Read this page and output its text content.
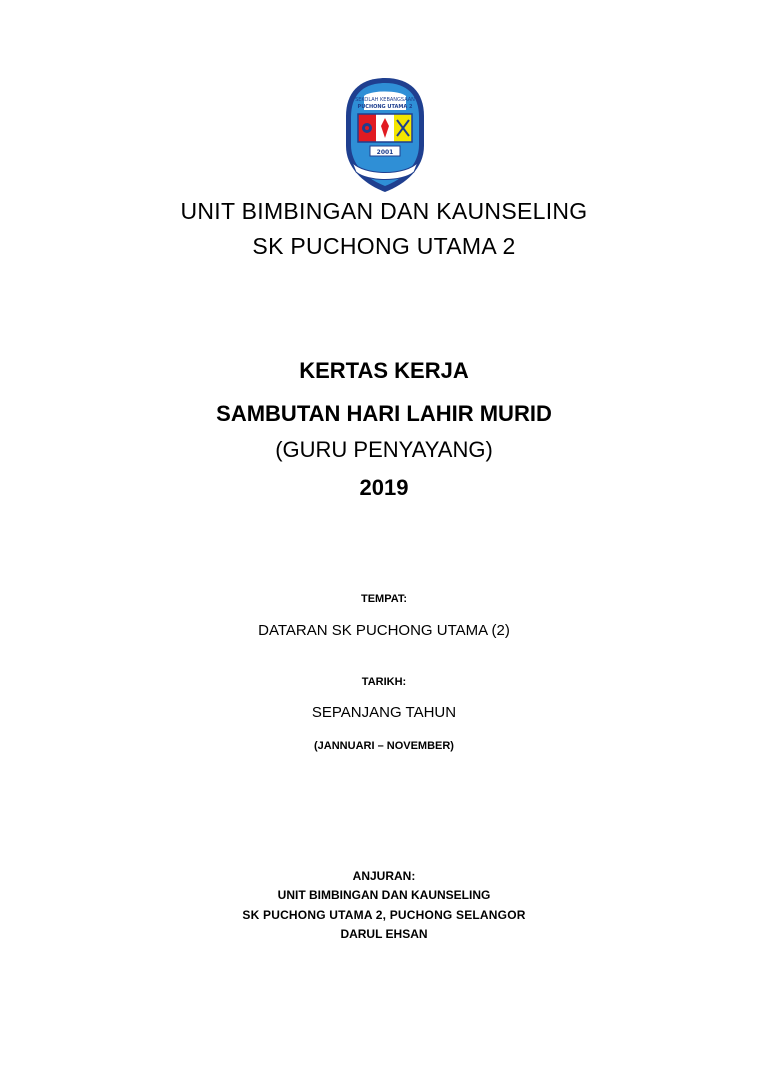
SEKOLAH KEBANGSAAN
PUCHONG UTAMA 2
2001
UNIT BIMBINGAN DAN KAUNSELING
SK PUCHONG UTAMA 2
KERTAS KERJA
SAMBUTAN HARI LAHIR MURID
(GURU PENYAYANG)
2019
TEMPAT:
DATARAN SK PUCHONG UTAMA (2)
TARIKH:
SEPANJANG TAHUN
(JANNUARI – NOVEMBER)
ANJURAN:
UNIT BIMBINGAN DAN KAUNSELING
SK PUCHONG UTAMA 2, PUCHONG SELANGOR
DARUL EHSAN
